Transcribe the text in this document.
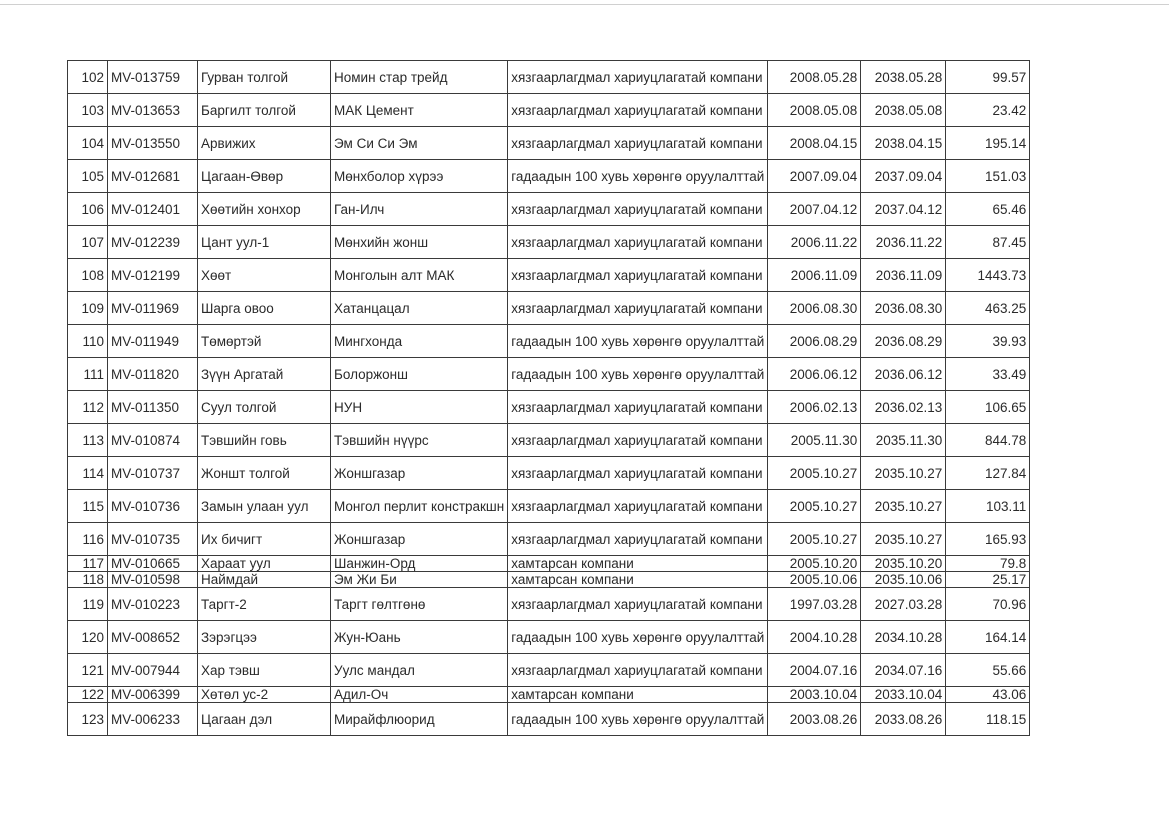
102	MV-013759	Гурван толгой	Номин стар трейд	хязгаарлагдмал хариуцлагатай компани	2008.05.28	2038.05.28	99.57
103	MV-013653	Баргилт толгой	МАК Цемент	хязгаарлагдмал хариуцлагатай компани	2008.05.08	2038.05.08	23.42
104	MV-013550	Арвижих	Эм Си Си Эм	хязгаарлагдмал хариуцлагатай компани	2008.04.15	2038.04.15	195.14
105	MV-012681	Цагаан-Өвөр	Мөнхболор хүрээ	гадаадын 100 хувь хөрөнгө оруулалттай	2007.09.04	2037.09.04	151.03
106	MV-012401	Хөөтийн хонхор	Ган-Илч	хязгаарлагдмал хариуцлагатай компани	2007.04.12	2037.04.12	65.46
107	MV-012239	Цант уул-1	Мөнхийн жонш	хязгаарлагдмал хариуцлагатай компани	2006.11.22	2036.11.22	87.45
108	MV-012199	Хөөт	Монголын алт МАК	хязгаарлагдмал хариуцлагатай компани	2006.11.09	2036.11.09	1443.73
109	MV-011969	Шарга овоо	Хатанцацал	хязгаарлагдмал хариуцлагатай компани	2006.08.30	2036.08.30	463.25
110	MV-011949	Төмөртэй	Мингхонда	гадаадын 100 хувь хөрөнгө оруулалттай	2006.08.29	2036.08.29	39.93
111	MV-011820	Зүүн Аргатай	Болоржонш	гадаадын 100 хувь хөрөнгө оруулалттай	2006.06.12	2036.06.12	33.49
112	MV-011350	Суул толгой	НУН	хязгаарлагдмал хариуцлагатай компани	2006.02.13	2036.02.13	106.65
113	MV-010874	Тэвшийн говь	Тэвшийн нүүрс	хязгаарлагдмал хариуцлагатай компани	2005.11.30	2035.11.30	844.78
114	MV-010737	Жоншт толгой	Жоншгазар	хязгаарлагдмал хариуцлагатай компани	2005.10.27	2035.10.27	127.84
115	MV-010736	Замын улаан уул	Монгол перлит констракшн	хязгаарлагдмал хариуцлагатай компани	2005.10.27	2035.10.27	103.11
116	MV-010735	Их бичигт	Жоншгазар	хязгаарлагдмал хариуцлагатай компани	2005.10.27	2035.10.27	165.93
117	MV-010665	Хараат уул	Шанжин-Орд	хамтарсан компани	2005.10.20	2035.10.20	79.8
118	MV-010598	Наймдай	Эм Жи Би	хамтарсан компани	2005.10.06	2035.10.06	25.17
119	MV-010223	Таргт-2	Таргт гөлтгөнө	хязгаарлагдмал хариуцлагатай компани	1997.03.28	2027.03.28	70.96
120	MV-008652	Зэрэгцээ	Жун-Юань	гадаадын 100 хувь хөрөнгө оруулалттай	2004.10.28	2034.10.28	164.14
121	MV-007944	Хар тэвш	Уулс мандал	хязгаарлагдмал хариуцлагатай компани	2004.07.16	2034.07.16	55.66
122	MV-006399	Хөтөл ус-2	Адил-Оч	хамтарсан компани	2003.10.04	2033.10.04	43.06
123	MV-006233	Цагаан дэл	Мирайфлюорид	гадаадын 100 хувь хөрөнгө оруулалттай	2003.08.26	2033.08.26	118.15
